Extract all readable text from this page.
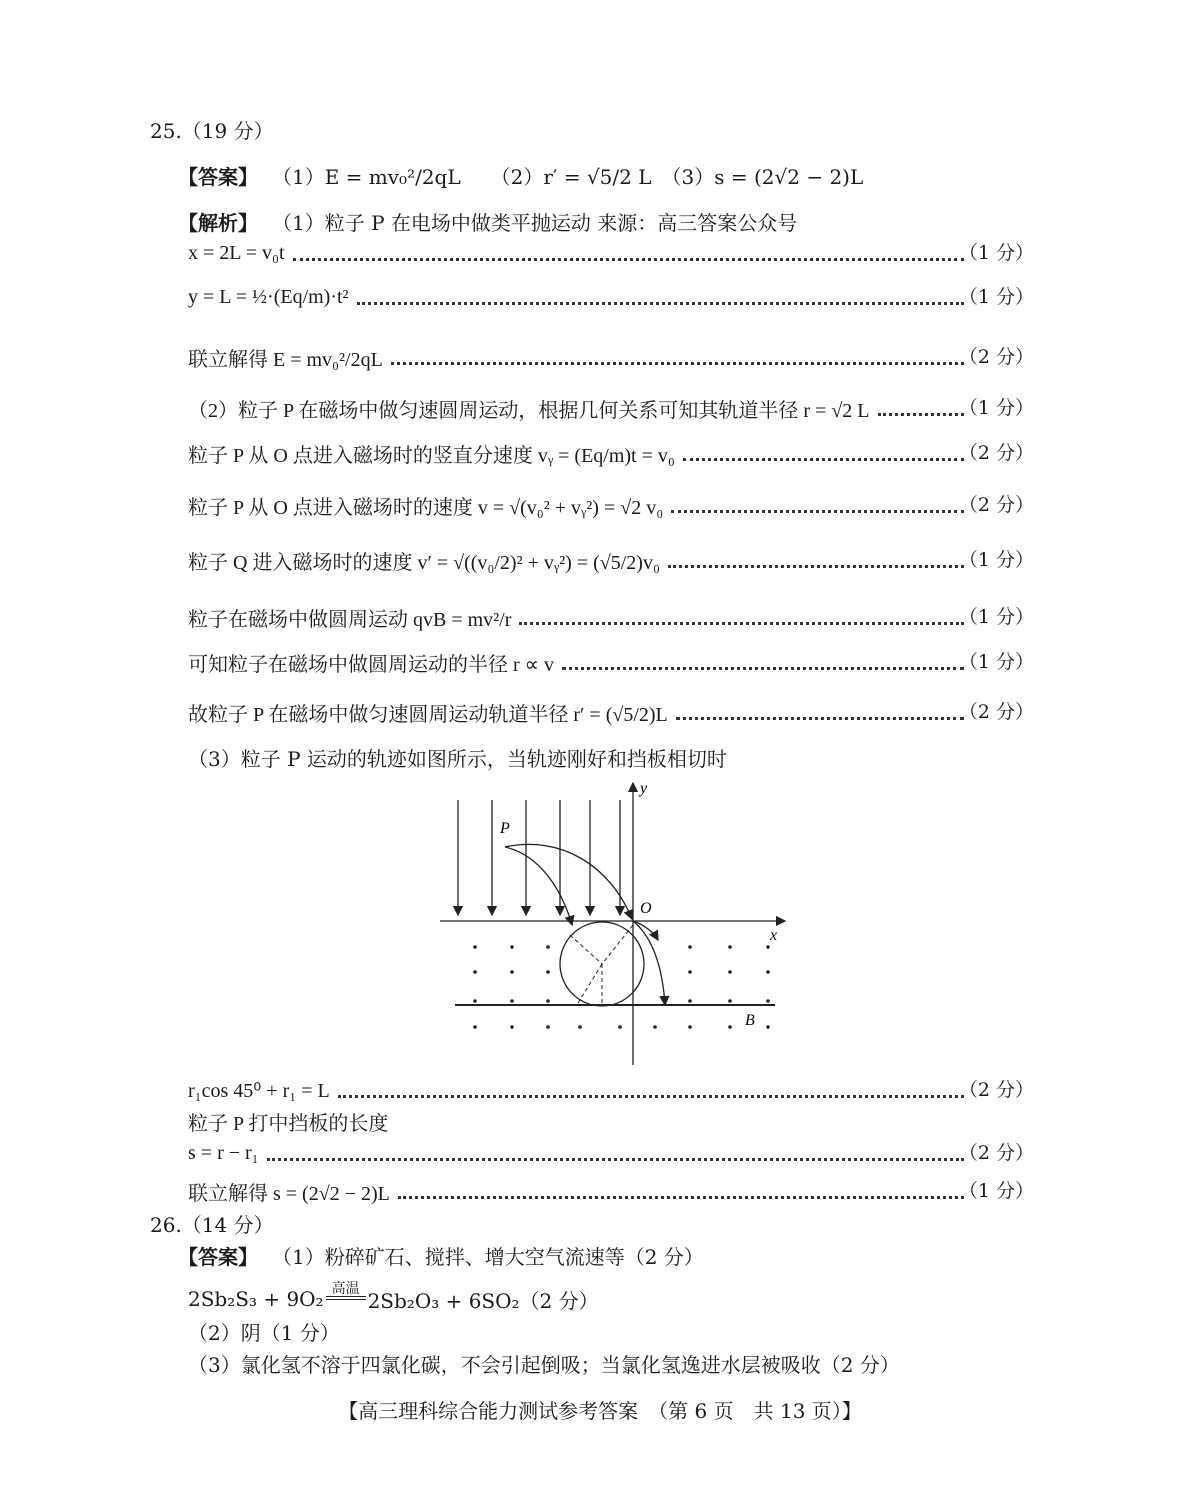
25.（19 分）
【答案】 （1）E = mv₀²/2qL　　（2）r′ = √5/2 L　（3）s = (2√2 − 2)L
【解析】 （1）粒子 P 在电场中做类平抛运动 来源：高三答案公众号
x = 2L = v₀t	（1 分）
y = L = ½·(Eq/m)·t²	（1 分）
联立解得 E = mv₀²/2qL	（2 分）
（2）粒子 P 在磁场中做匀速圆周运动，根据几何关系可知其轨道半径 r = √2 L	（1 分）
粒子 P 从 O 点进入磁场时的竖直分速度 vᵧ = (Eq/m)t = v₀	（2 分）
粒子 P 从 O 点进入磁场时的速度 v = √(v₀² + vᵧ²) = √2 v₀	（2 分）
粒子 Q 进入磁场时的速度 v′ = √((v₀/2)² + vᵧ²) = (√5/2)v₀	（1 分）
粒子在磁场中做圆周运动 qvB = mv²/r	（1 分）
可知粒子在磁场中做圆周运动的半径 r ∝ v	（1 分）
故粒子 P 在磁场中做匀速圆周运动轨道半径 r′ = (√5/2)L	（2 分）
（3）粒子 P 运动的轨迹如图所示，当轨迹刚好和挡板相切时
y
x
O
P
B
r₁cos 45⁰ + r₁ = L	（2 分）
粒子 P 打中挡板的长度
s = r − r₁	（2 分）
联立解得 s = (2√2 − 2)L	（1 分）
26.（14 分）
【答案】 （1）粉碎矿石、搅拌、增大空气流速等（2 分）
2Sb₂S₃ + 9O₂ 高温 2Sb₂O₃ + 6SO₂（2 分）
（2）阴（1 分）
（3）氯化氢不溶于四氯化碳，不会引起倒吸；当氯化氢逸进水层被吸收（2 分）
【高三理科综合能力测试参考答案　（第 6 页　共 13 页）】
